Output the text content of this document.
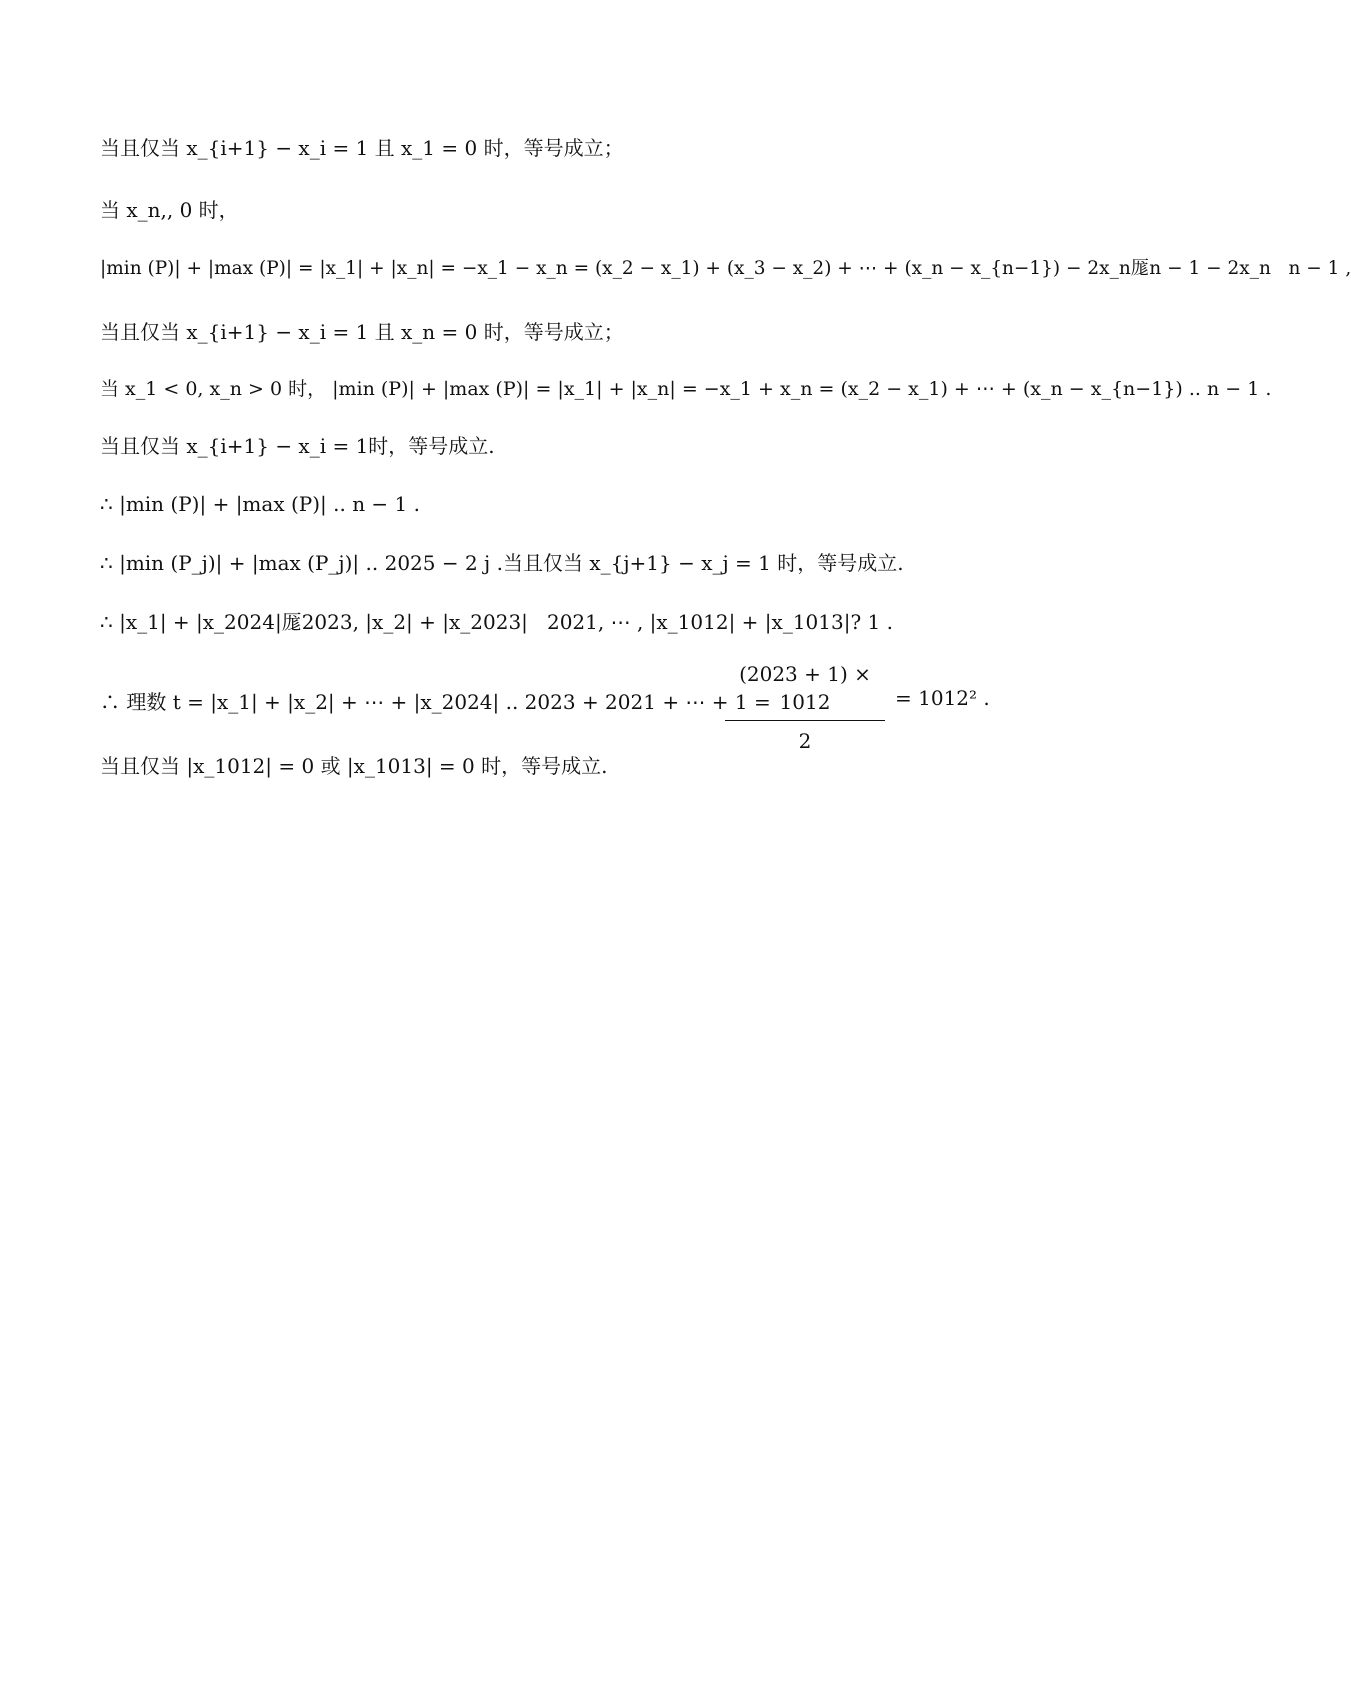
当且仅当 x_{i+1} − x_i = 1 且 x_1 = 0 时，等号成立；
当 x_n,, 0 时，
|min (P)| + |max (P)| = |x_1| + |x_n| = −x_1 − x_n = (x_2 − x_1) + (x_3 − x_2) + ⋯ + (x_n − x_{n−1}) − 2x_n厖n − 1 − 2x_n   n − 1 ,
当且仅当 x_{i+1} − x_i = 1 且 x_n = 0 时，等号成立；
当 x_1 < 0, x_n > 0 时， |min (P)| + |max (P)| = |x_1| + |x_n| = −x_1 + x_n = (x_2 − x_1) + ⋯ + (x_n − x_{n−1}) .. n − 1 .
当且仅当 x_{i+1} − x_i = 1时，等号成立.
∴ |min (P)| + |max (P)| .. n − 1 .
∴ |min (P_j)| + |max (P_j)| .. 2025 − 2 j .当且仅当 x_{j+1} − x_j = 1 时，等号成立.
∴ |x_1| + |x_2024|厖2023, |x_2| + |x_2023|   2021, ⋯ , |x_1012| + |x_1013|? 1 .
∴ 理数 t = |x_1| + |x_2| + ⋯ + |x_2024| .. 2023 + 2021 + ⋯ + 1 =
$\frac{(2023 + 1) \times 1012}{2} = 1012^2$ .
当且仅当 |x_1012| = 0 或 |x_1013| = 0 时，等号成立.
